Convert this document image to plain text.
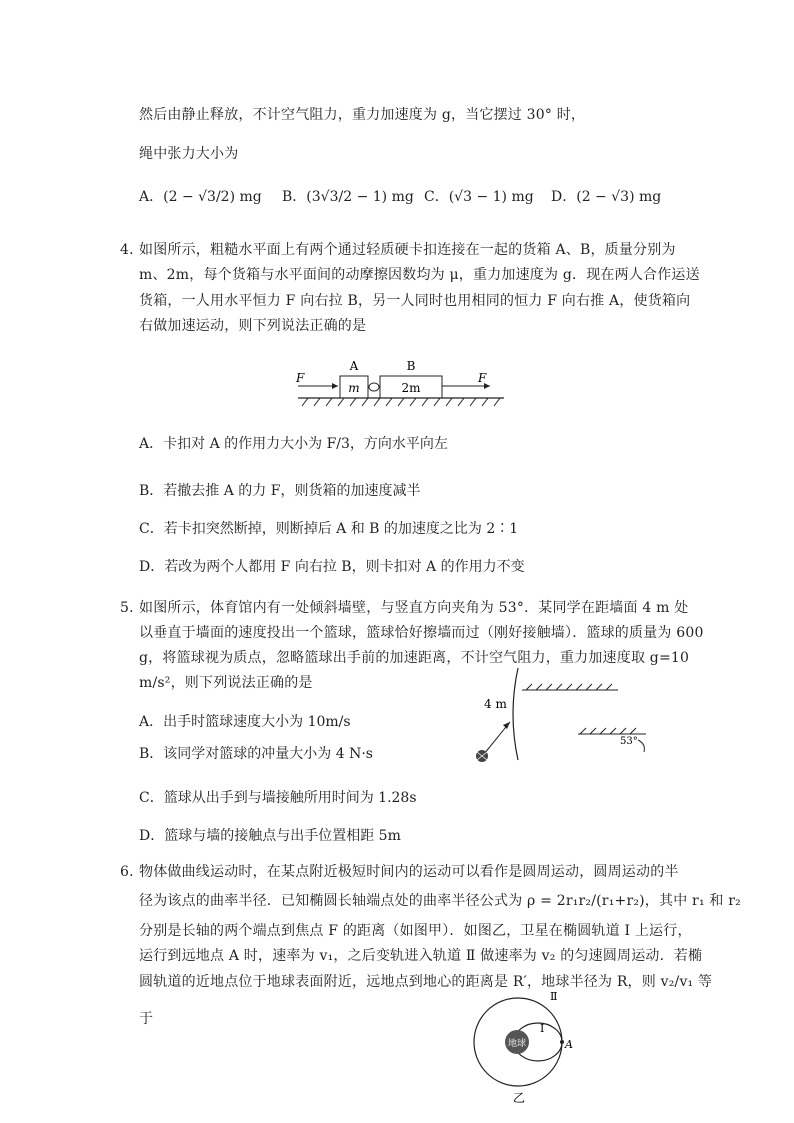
然后由静止释放，不计空气阻力，重力加速度为 g，当它摆过 30° 时，
绳中张力大小为
A．(2 − √3/2) mg B．(3√3/2 − 1) mg C．(√3 − 1) mg D．(2 − √3) mg
4．
如图所示，粗糙水平面上有两个通过轻质硬卡扣连接在一起的货箱 A、B，质量分别为
m、2m，每个货箱与水平面间的动摩擦因数均为 μ，重力加速度为 g．现在两人合作运送
货箱，一人用水平恒力 F 向右拉 B，另一人同时也用相同的恒力 F 向右推 A，使货箱向
右做加速运动，则下列说法正确的是
A	B
m	2m
F	F
A．卡扣对 A 的作用力大小为 F/3，方向水平向左
B．若撤去推 A 的力 F，则货箱的加速度减半
C．若卡扣突然断掉，则断掉后 A 和 B 的加速度之比为 2∶1
D．若改为两个人都用 F 向右拉 B，则卡扣对 A 的作用力不变
5．
如图所示，体育馆内有一处倾斜墙壁，与竖直方向夹角为 53°．某同学在距墙面 4 m 处
以垂直于墙面的速度投出一个篮球，篮球恰好擦墙而过（刚好接触墙）．篮球的质量为 600
g，将篮球视为质点，忽略篮球出手前的加速距离，不计空气阻力，重力加速度取 g=10
m/s²，则下列说法正确的是
4 m
53°
A．出手时篮球速度大小为 10m/s
B．该同学对篮球的冲量大小为 4 N·s
C．篮球从出手到与墙接触所用时间为 1.28s
D．篮球与墙的接触点与出手位置相距 5m
6．
物体做曲线运动时，在某点附近极短时间内的运动可以看作是圆周运动，圆周运动的半
径为该点的曲率半径．已知椭圆长轴端点处的曲率半径公式为 ρ = 2r₁r₂/(r₁+r₂)，其中 r₁ 和 r₂
分别是长轴的两个端点到焦点 F 的距离（如图甲）．如图乙，卫星在椭圆轨道 Ⅰ 上运行，
运行到远地点 A 时，速率为 v₁，之后变轨进入轨道 Ⅱ 做速率为 v₂ 的匀速圆周运动．若椭
圆轨道的近地点位于地球表面附近，远地点到地心的距离是 R′，地球半径为 R，则 v₂/v₁ 等
于
地球
Ⅰ
Ⅱ
A
乙
